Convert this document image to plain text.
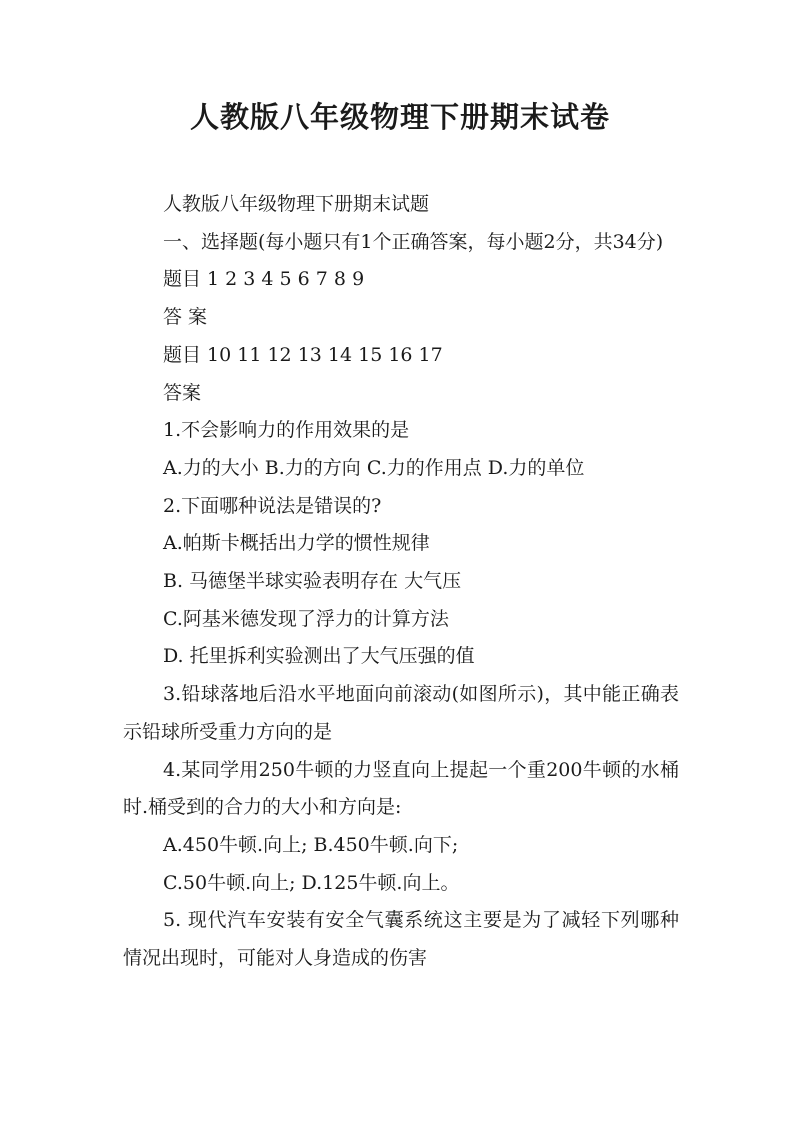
人教版八年级物理下册期末试卷

人教版八年级物理下册期末试题

一、选择题(每小题只有1个正确答案，每小题2分，共34分)

题目 1 2 3 4 5 6 7 8 9

答 案

题目 10 11 12 13 14 15 16 17

答案

1.不会影响力的作用效果的是

A.力的大小 B.力的方向 C.力的作用点 D.力的单位

2.下面哪种说法是错误的?

A.帕斯卡概括出力学的惯性规律

B. 马德堡半球实验表明存在 大气压

C.阿基米德发现了浮力的计算方法

D. 托里拆利实验测出了大气压强的值

3.铅球落地后沿水平地面向前滚动(如图所示)，其中能正确表示铅球所受重力方向的是

4.某同学用250牛顿的力竖直向上提起一个重200牛顿的水桶时.桶受到的合力的大小和方向是:

A.450牛顿.向上; B.450牛顿.向下;

C.50牛顿.向上; D.125牛顿.向上。

5. 现代汽车安装有安全气囊系统这主要是为了减轻下列哪种情况出现时，可能对人身造成的伤害
